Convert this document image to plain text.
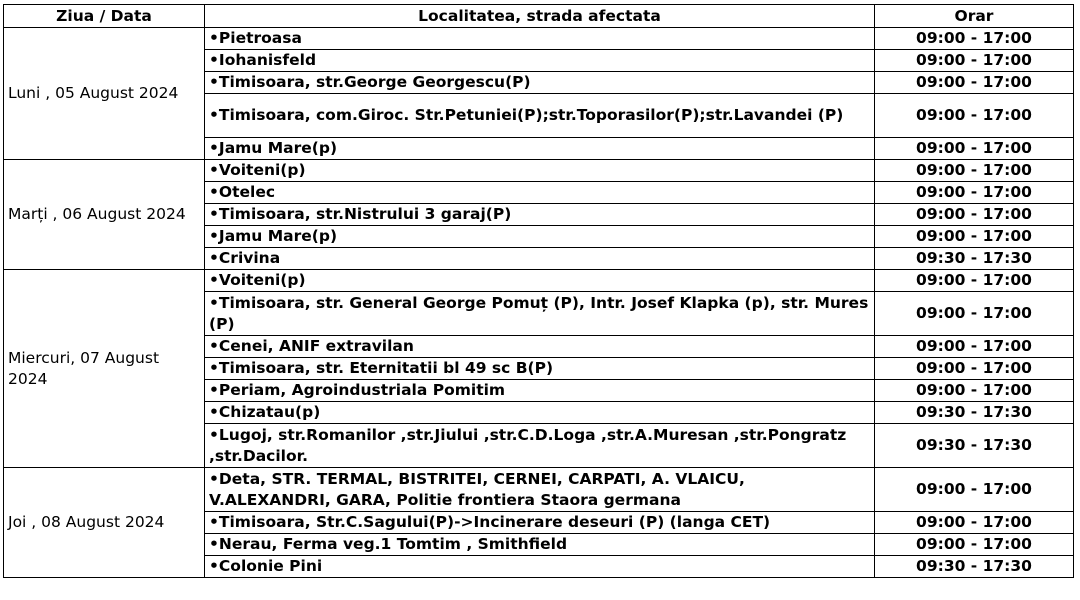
Ziua / Data	Localitatea, strada afectata	Orar
Luni , 05 August 2024	•Pietroasa	09:00 - 17:00
	•Iohanisfeld	09:00 - 17:00
	•Timisoara, str.George Georgescu(P)	09:00 - 17:00
	•Timisoara, com.Giroc. Str.Petuniei(P);str.Toporasilor(P);str.Lavandei (P)	09:00 - 17:00
	•Jamu Mare(p)	09:00 - 17:00
Marți , 06 August 2024	•Voiteni(p)	09:00 - 17:00
	•Otelec	09:00 - 17:00
	•Timisoara, str.Nistrului 3 garaj(P)	09:00 - 17:00
	•Jamu Mare(p)	09:00 - 17:00
	•Crivina	09:30 - 17:30
Miercuri, 07 August 2024	•Voiteni(p)	09:00 - 17:00
	•Timisoara, str. General George Pomuț (P), Intr. Josef Klapka (p), str. Mures (P)	09:00 - 17:00
	•Cenei, ANIF extravilan	09:00 - 17:00
	•Timisoara, str. Eternitatii bl 49 sc B(P)	09:00 - 17:00
	•Periam, Agroindustriala Pomitim	09:00 - 17:00
	•Chizatau(p)	09:30 - 17:30
	•Lugoj, str.Romanilor ,str.Jiului ,str.C.D.Loga ,str.A.Muresan ,str.Pongratz ,str.Dacilor.	09:30 - 17:30
Joi , 08 August 2024	•Deta, STR. TERMAL, BISTRITEI, CERNEI, CARPATI, A. VLAICU, V.ALEXANDRI, GARA, Politie frontiera Staora germana	09:00 - 17:00
	•Timisoara, Str.C.Sagului(P)->Incinerare deseuri (P) (langa CET)	09:00 - 17:00
	•Nerau, Ferma veg.1 Tomtim , Smithfield	09:00 - 17:00
	•Colonie Pini	09:30 - 17:30
